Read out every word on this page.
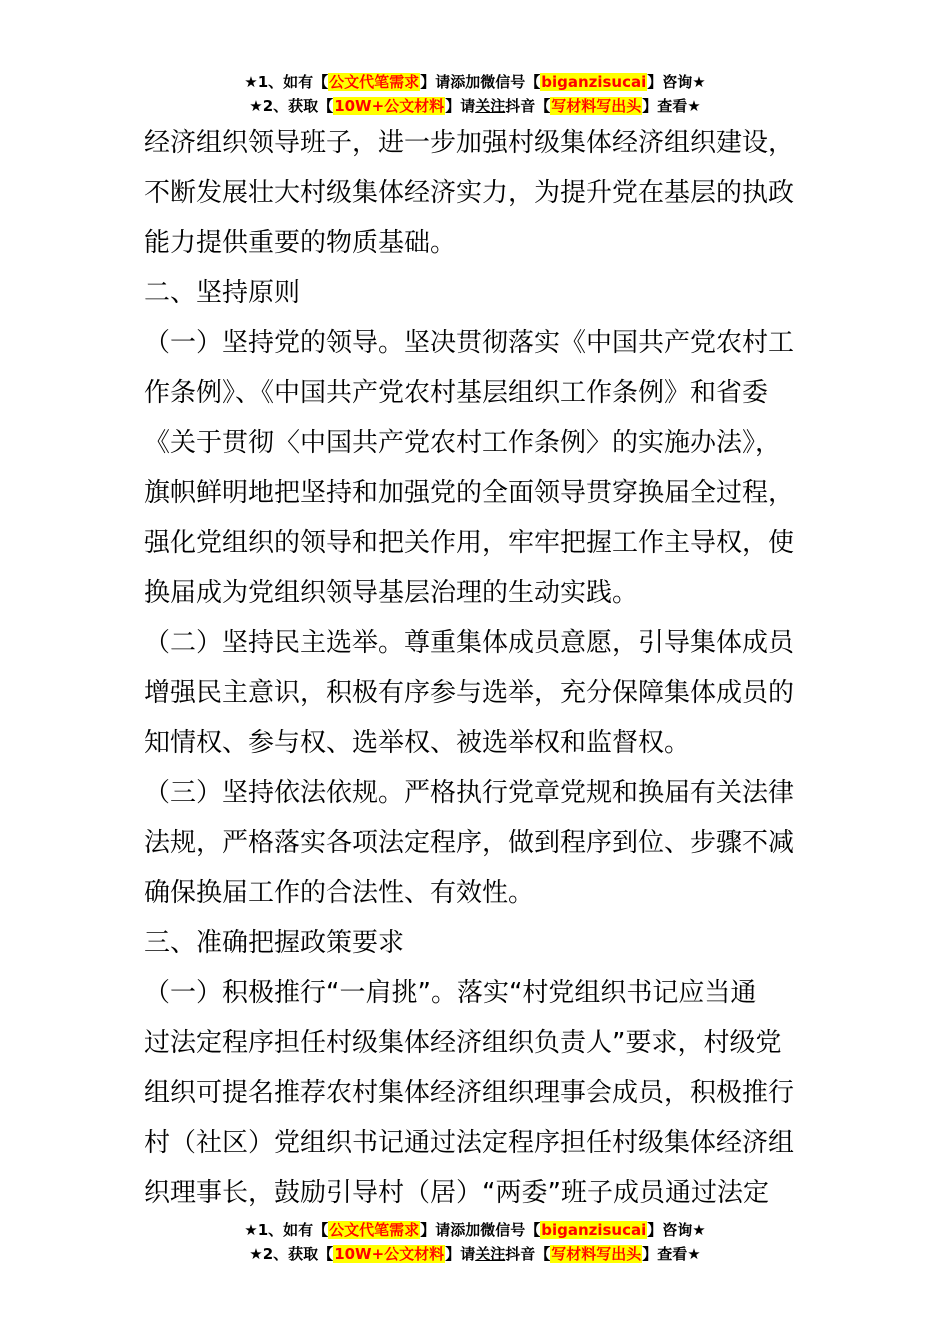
★1、如有【公文代笔需求】请添加微信号【biganzisucai】咨询★
★2、获取【10W+公文材料】请关注抖音【写材料写出头】查看★
经济组织领导班子，进一步加强村级集体经济组织建设，
不断发展壮大村级集体经济实力，为提升党在基层的执政
能力提供重要的物质基础。
二、坚持原则
（一）坚持党的领导。坚决贯彻落实《中国共产党农村工
作条例》、《中国共产党农村基层组织工作条例》和省委
《关于贯彻〈中国共产党农村工作条例〉的实施办法》，
旗帜鲜明地把坚持和加强党的全面领导贯穿换届全过程，
强化党组织的领导和把关作用，牢牢把握工作主导权，使
换届成为党组织领导基层治理的生动实践。
（二）坚持民主选举。尊重集体成员意愿，引导集体成员
增强民主意识，积极有序参与选举，充分保障集体成员的
知情权、参与权、选举权、被选举权和监督权。
（三）坚持依法依规。严格执行党章党规和换届有关法律
法规，严格落实各项法定程序，做到程序到位、步骤不减
确保换届工作的合法性、有效性。
三、准确把握政策要求
（一）积极推行“一肩挑”。落实“村党组织书记应当通
过法定程序担任村级集体经济组织负责人”要求，村级党
组织可提名推荐农村集体经济组织理事会成员，积极推行
村（社区）党组织书记通过法定程序担任村级集体经济组
织理事长，鼓励引导村（居）“两委”班子成员通过法定
★1、如有【公文代笔需求】请添加微信号【biganzisucai】咨询★
★2、获取【10W+公文材料】请关注抖音【写材料写出头】查看★
